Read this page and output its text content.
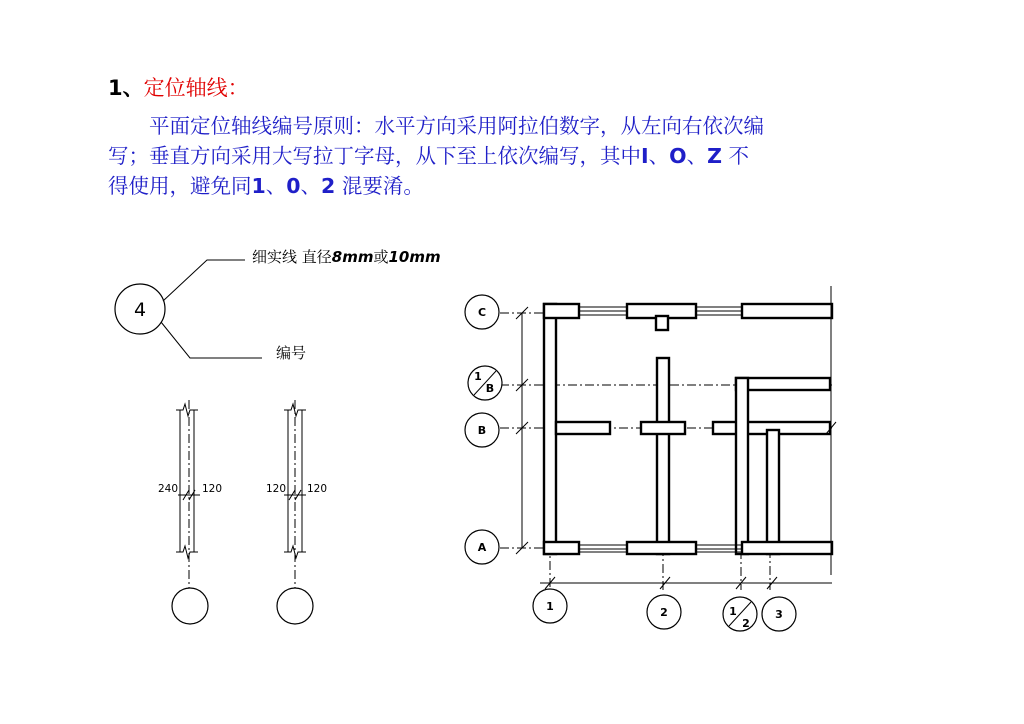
1、定位轴线：
平面定位轴线编号原则：水平方向采用阿拉伯数字，从左向右依次编
写；垂直方向采用大写拉丁字母，从下至上依次编写，其中I、O、Z 不
得使用，避免同1、0、2 混要淆。
4
细实线 直径8mm或10mm
编号
240 120	120 120
C
1
B
B
A
1	2	1
2
3
